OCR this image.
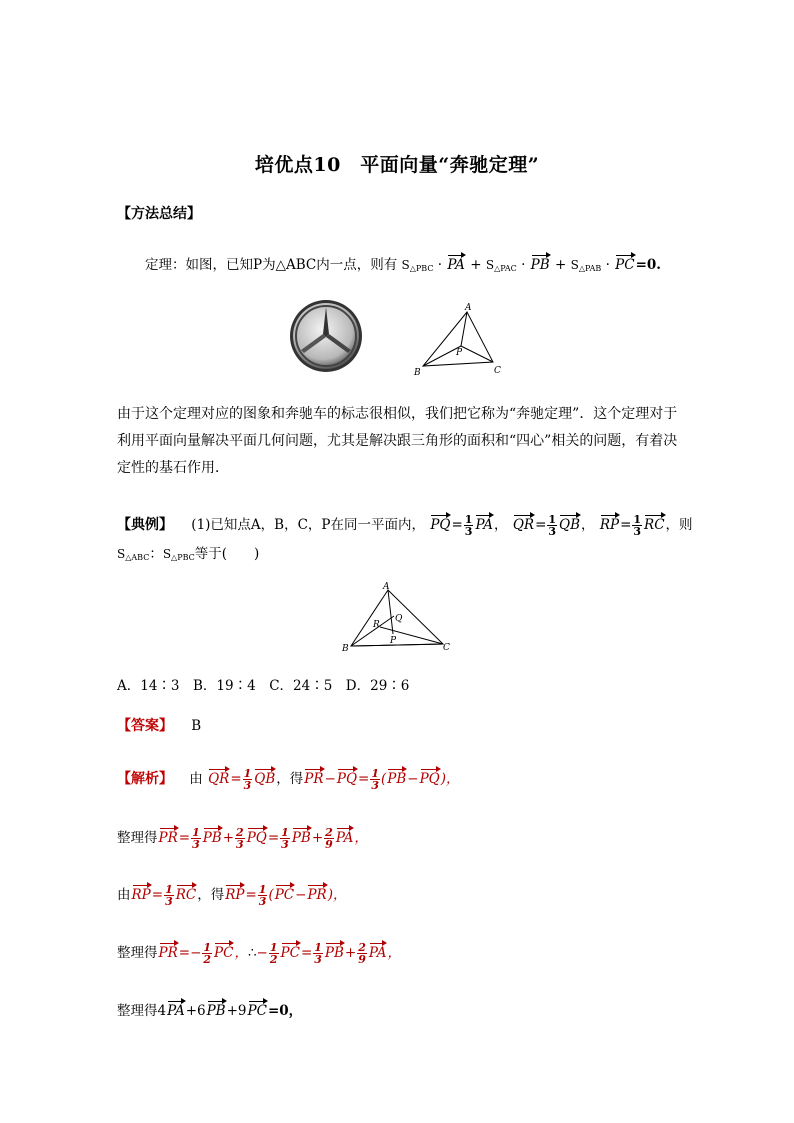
培优点10　平面向量“奔驰定理”
【方法总结】
定理：如图，已知P为△ABC内一点，则有 $S_{\triangle PBC}$ · PA + $S_{\triangle PAC}$ · PB + $S_{\triangle PAB} \cdot PC=0$.
A
B	C
P
由于这个定理对应的图象和奔驰车的标志很相似，我们把它称为“奔驰定理”．这个定理对于利用平面向量解决平面几何问题，尤其是解决跟三角形的面积和“四心”相关的问题，有着决定性的基石作用．
【典例】 (1)已知点A，B，C，P在同一平面内， $PQ= \frac{1}{3}$ PA， $QR= \frac{1}{3}$ QB， $RP= \frac{1}{3}$ RC，则
$S_{\triangle ABC}$：$S_{\triangle PBC}$等于(　　)
A
B	C
P
Q
R
A．14∶3　B．19∶4　C．24∶5　D．29∶6
【答案】 B
【解析】 由 $QR= \frac{1}{3}$ QB，得$PR-PQ= \frac{1}{3} (PB-PQ)$，
整理得$PR= \frac{1}{3} PB+ \frac{2}{3} PQ= \frac{1}{3} PB+ \frac{2}{9}$ PA，
由$RP= \frac{1}{3}$ RC，得$RP= \frac{1}{3} (PC-PR)$，
整理得$PR=- \frac{1}{2}$ PC，∴− $\frac{1}{2} PC= \frac{1}{3} PB+ \frac{2}{9}$ PA，
整理得4PA+6PB+9PC=0，
